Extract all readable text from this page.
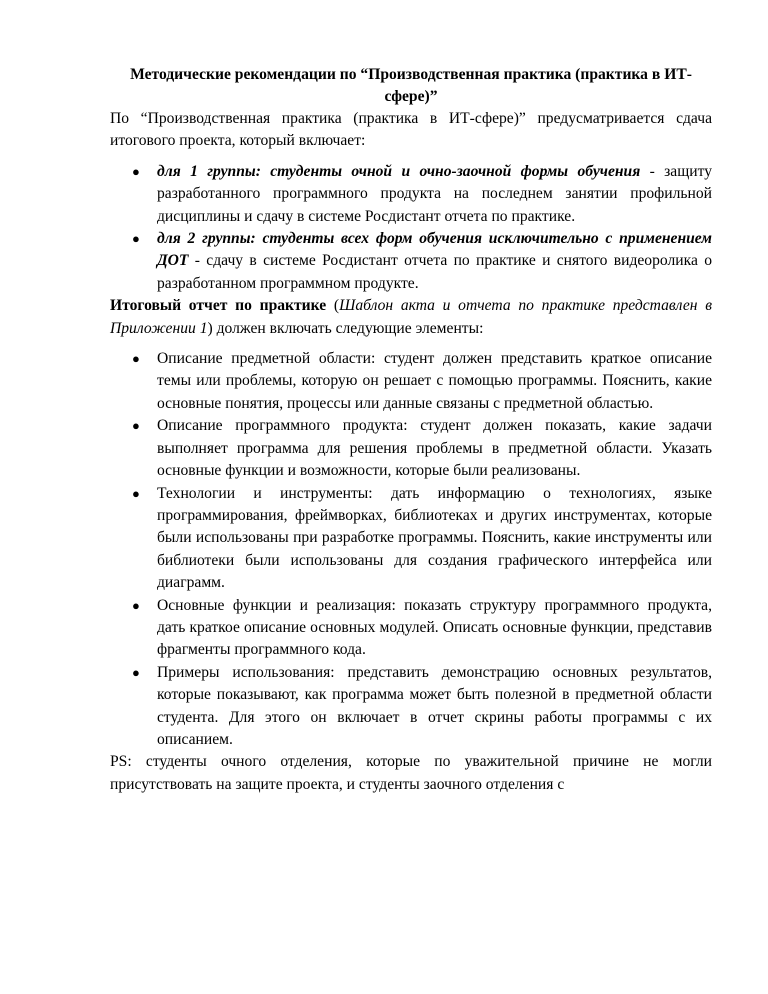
Методические рекомендации по “Производственная практика (практика в ИТ-сфере)”

По “Производственная практика (практика в ИТ-сфере)” предусматривается сдача итогового проекта, который включает:

● для 1 группы: студенты очной и очно-заочной формы обучения - защиту разработанного программного продукта на последнем занятии профильной дисциплины и сдачу в системе Росдистант отчета по практике.
● для 2 группы: студенты всех форм обучения исключительно с применением ДОТ - сдачу в системе Росдистант отчета по практике и снятого видеоролика о разработанном программном продукте.

Итоговый отчет по практике (Шаблон акта и отчета по практике представлен в Приложении 1) должен включать следующие элементы:

● Описание предметной области: студент должен представить краткое описание темы или проблемы, которую он решает с помощью программы. Пояснить, какие основные понятия, процессы или данные связаны с предметной областью.
● Описание программного продукта: студент должен показать, какие задачи выполняет программа для решения проблемы в предметной области. Указать основные функции и возможности, которые были реализованы.
● Технологии и инструменты: дать информацию о технологиях, языке программирования, фреймворках, библиотеках и других инструментах, которые были использованы при разработке программы. Пояснить, какие инструменты или библиотеки были использованы для создания графического интерфейса или диаграмм.
● Основные функции и реализация: показать структуру программного продукта, дать краткое описание основных модулей. Описать основные функции, представив фрагменты программного кода.
● Примеры использования: представить демонстрацию основных результатов, которые показывают, как программа может быть полезной в предметной области студента. Для этого он включает в отчет скрины работы программы с их описанием.

PS: студенты очного отделения, которые по уважительной причине не могли присутствовать на защите проекта, и студенты заочного отделения с
